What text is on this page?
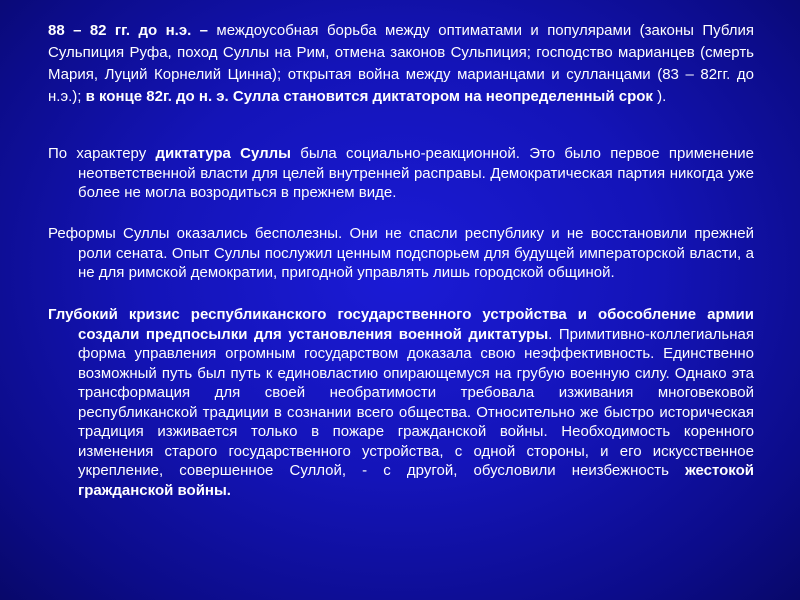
88 – 82 гг. до н.э. – междоусобная борьба между оптиматами и популярами (законы Публия Сульпиция Руфа, поход Суллы на Рим, отмена законов Сульпиция; господство марианцев (смерть Мария, Луций Корнелий Цинна); открытая война между марианцами и сулланцами (83 – 82гг. до н.э.); в конце 82г. до н. э. Сулла становится диктатором на неопределенный срок ).

По характеру диктатура Суллы была социально-реакционной. Это было первое применение неответственной власти для целей внутренней расправы. Демократическая партия никогда уже более не могла возродиться в прежнем виде.

Реформы Суллы оказались бесполезны. Они не спасли республику и не восстановили прежней роли сената. Опыт Суллы послужил ценным подспорьем для будущей императорской власти, а не для римской демократии, пригодной управлять лишь городской общиной.

Глубокий кризис республиканского государственного устройства и обособление армии создали предпосылки для установления военной диктатуры. Примитивно-коллегиальная форма управления огромным государством доказала свою неэффективность. Единственно возможный путь был путь к единовластию опирающемуся на грубую военную силу. Однако эта трансформация для своей необратимости требовала изживания многовековой республиканской традиции в сознании всего общества. Относительно же быстро историческая традиция изживается только в пожаре гражданской войны. Необходимость коренного изменения старого государственного устройства, с одной стороны, и его искусственное укрепление, совершенное Суллой, - с другой, обусловили неизбежность жестокой гражданской войны.
